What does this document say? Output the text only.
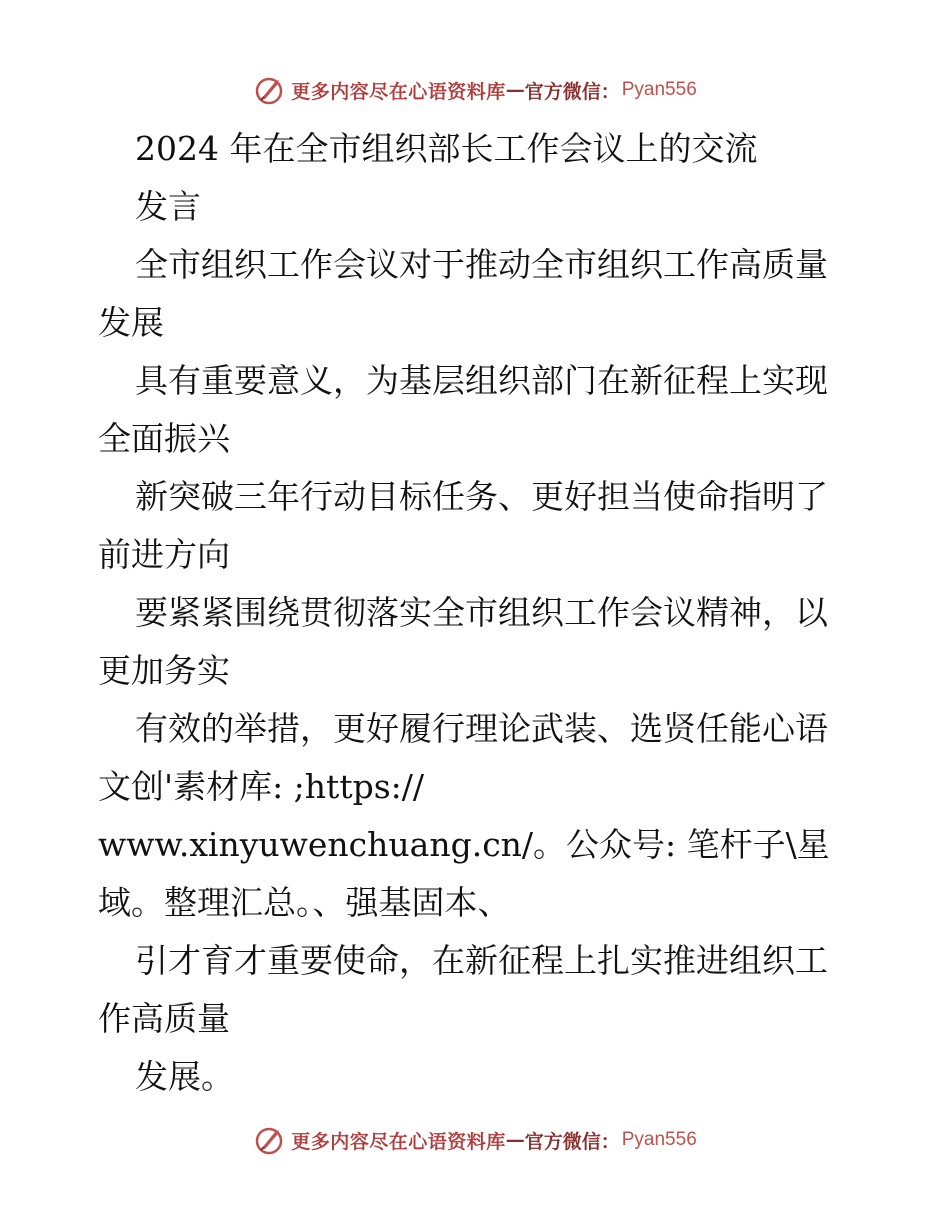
更多内容尽在心语资料库 — 官方微信： Pyan556
2024 年在全市组织部长工作会议上的交流
发言
全市组织工作会议对于推动全市组织工作高质量
发展
具有重要意义，为基层组织部门在新征程上实现
全面振兴
新突破三年行动目标任务、更好担当使命指明了
前进方向
要紧紧围绕贯彻落实全市组织工作会议精神，以
更加务实
有效的举措，更好履行理论武装、选贤任能心语
文创'素材库: ;https://
www.xinyuwenchuang.cn/。公众号: 笔杆子\星
域。整理汇总。、强基固本、
引才育才重要使命，在新征程上扎实推进组织工
作高质量
发展。
更多内容尽在心语资料库 — 官方微信： Pyan556
